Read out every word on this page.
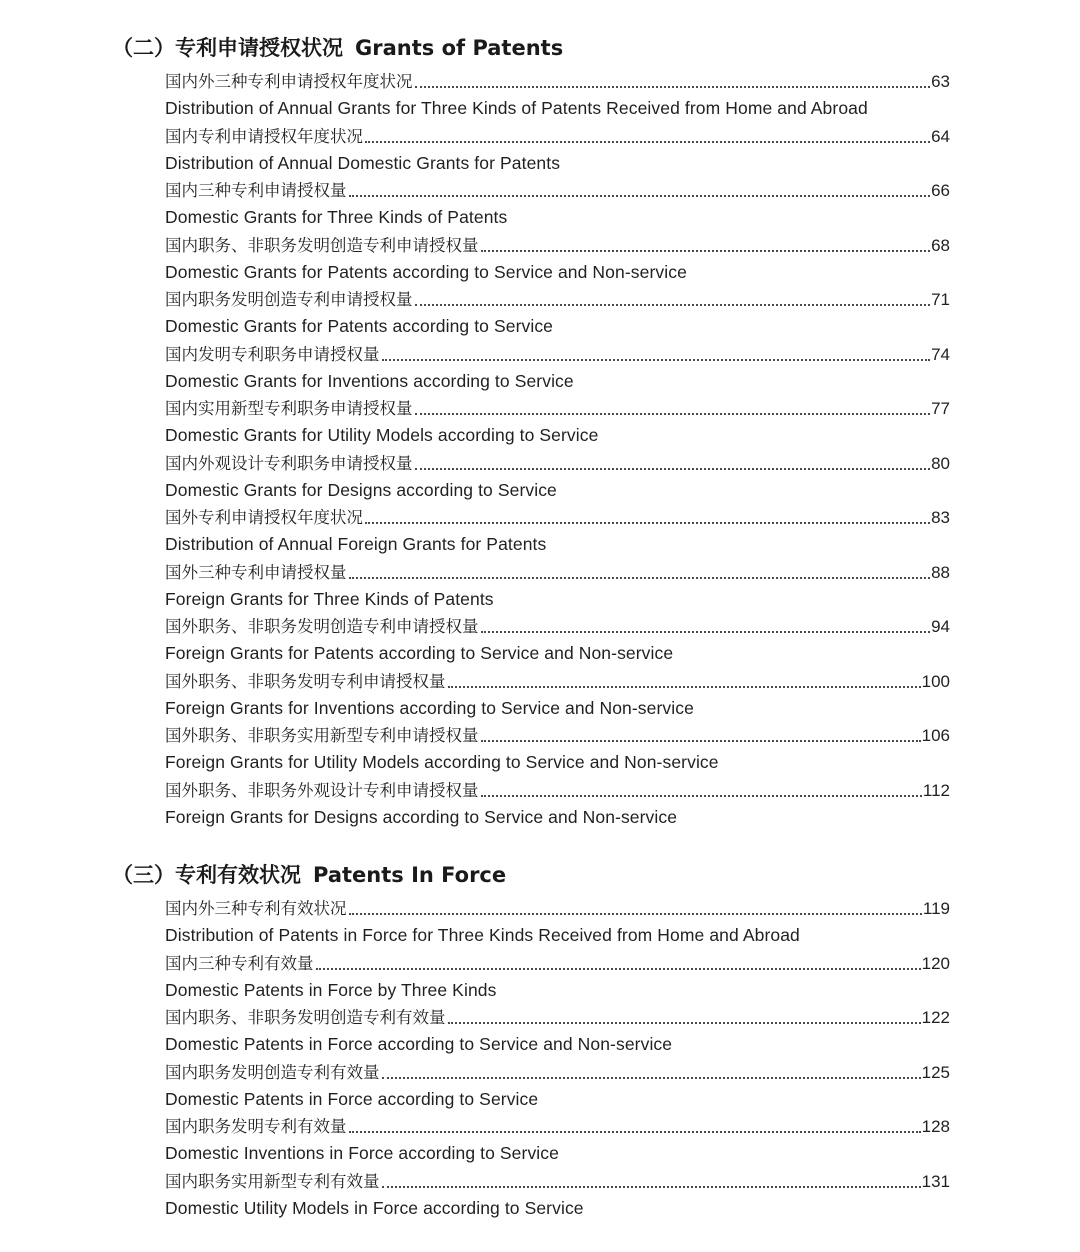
（二）专利申请授权状况 Grants of Patents
国内外三种专利申请授权年度状况	63
Distribution of Annual Grants for Three Kinds of Patents Received from Home and Abroad
国内专利申请授权年度状况	64
Distribution of Annual Domestic Grants for Patents
国内三种专利申请授权量	66
Domestic Grants for Three Kinds of Patents
国内职务、非职务发明创造专利申请授权量	68
Domestic Grants for Patents according to Service and Non-service
国内职务发明创造专利申请授权量	71
Domestic Grants for Patents according to Service
国内发明专利职务申请授权量	74
Domestic Grants for Inventions according to Service
国内实用新型专利职务申请授权量	77
Domestic Grants for Utility Models according to Service
国内外观设计专利职务申请授权量	80
Domestic Grants for Designs according to Service
国外专利申请授权年度状况	83
Distribution of Annual Foreign Grants for Patents
国外三种专利申请授权量	88
Foreign Grants for Three Kinds of Patents
国外职务、非职务发明创造专利申请授权量	94
Foreign Grants for Patents according to Service and Non-service
国外职务、非职务发明专利申请授权量	100
Foreign Grants for Inventions according to Service and Non-service
国外职务、非职务实用新型专利申请授权量	106
Foreign Grants for Utility Models according to Service and Non-service
国外职务、非职务外观设计专利申请授权量	112
Foreign Grants for Designs according to Service and Non-service
（三）专利有效状况 Patents In Force
国内外三种专利有效状况	119
Distribution of Patents in Force for Three Kinds Received from Home and Abroad
国内三种专利有效量	120
Domestic Patents in Force by Three Kinds
国内职务、非职务发明创造专利有效量	122
Domestic Patents in Force according to Service and Non-service
国内职务发明创造专利有效量	125
Domestic Patents in Force according to Service
国内职务发明专利有效量	128
Domestic Inventions in Force according to Service
国内职务实用新型专利有效量	131
Domestic Utility Models in Force according to Service
